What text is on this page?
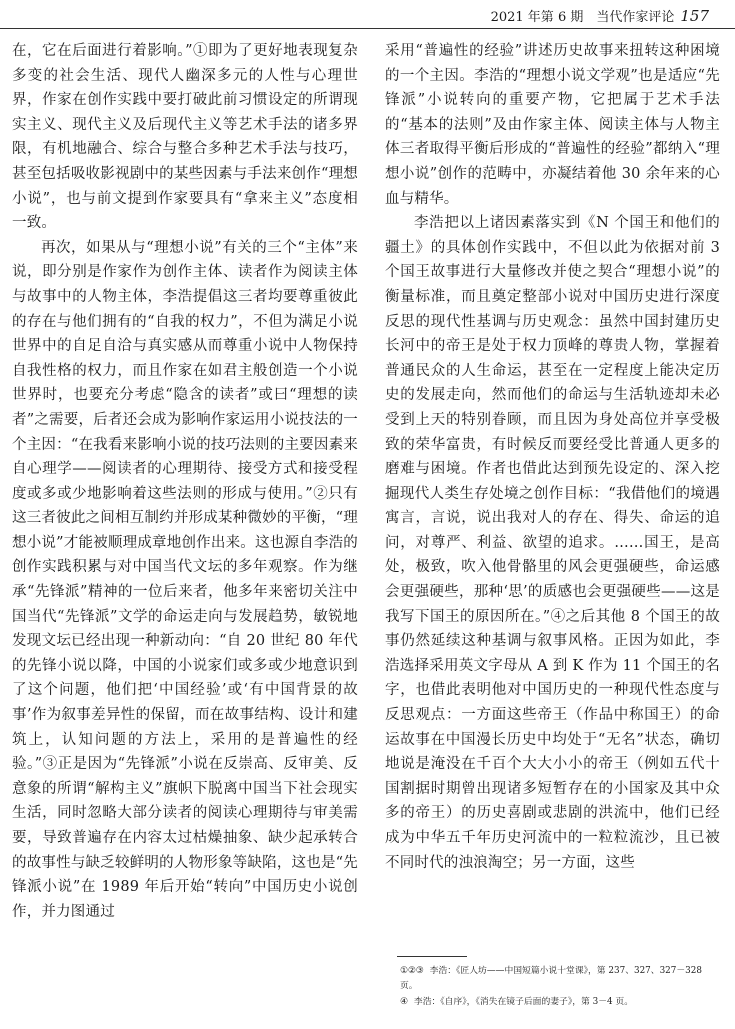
2021 年第 6 期　当代作家评论 157

在，它在后面进行着影响。”①即为了更好地表现复杂多变的社会生活、现代人幽深多元的人性与心理世界，作家在创作实践中要打破此前习惯设定的所谓现实主义、现代主义及后现代主义等艺术手法的诸多界限，有机地融合、综合与整合多种艺术手法与技巧，甚至包括吸收影视剧中的某些因素与手法来创作“理想小说”，也与前文提到作家要具有“拿来主义”态度相一致。

再次，如果从与“理想小说”有关的三个“主体”来说，即分别是作家作为创作主体、读者作为阅读主体与故事中的人物主体，李浩提倡这三者均要尊重彼此的存在与他们拥有的“自我的权力”，不但为满足小说世界中的自足自洽与真实感从而尊重小说中人物保持自我性格的权力，而且作家在如君主般创造一个小说世界时，也要充分考虑“隐含的读者”或曰“理想的读者”之需要，后者还会成为影响作家运用小说技法的一个主因：“在我看来影响小说的技巧法则的主要因素来自心理学——阅读者的心理期待、接受方式和接受程度或多或少地影响着这些法则的形成与使用。”②只有这三者彼此之间相互制约并形成某种微妙的平衡，“理想小说”才能被顺理成章地创作出来。这也源自李浩的创作实践积累与对中国当代文坛的多年观察。作为继承“先锋派”精神的一位后来者，他多年来密切关注中国当代“先锋派”文学的命运走向与发展趋势，敏锐地发现文坛已经出现一种新动向：“自 20 世纪 80 年代的先锋小说以降，中国的小说家们或多或少地意识到了这个问题，他们把‘中国经验’或‘有中国背景的故事’作为叙事差异性的保留，而在故事结构、设计和建筑上，认知问题的方法上，采用的是普遍性的经验。”③正是因为“先锋派”小说在反崇高、反审美、反意象的所谓“解构主义”旗帜下脱离中国当下社会现实生活，同时忽略大部分读者的阅读心理期待与审美需要，导致普遍存在内容太过枯燥抽象、缺少起承转合的故事性与缺乏较鲜明的人物形象等缺陷，这也是“先锋派小说”在 1989 年后开始“转向”中国历史小说创作，并力图通过

采用“普遍性的经验”讲述历史故事来扭转这种困境的一个主因。李浩的“理想小说文学观”也是适应“先锋派”小说转向的重要产物，它把属于艺术手法的“基本的法则”及由作家主体、阅读主体与人物主体三者取得平衡后形成的“普遍性的经验”都纳入“理想小说”创作的范畴中，亦凝结着他 30 余年来的心血与精华。

李浩把以上诸因素落实到《N 个国王和他们的疆土》的具体创作实践中，不但以此为依据对前 3 个国王故事进行大量修改并使之契合“理想小说”的衡量标准，而且奠定整部小说对中国历史进行深度反思的现代性基调与历史观念：虽然中国封建历史长河中的帝王是处于权力顶峰的尊贵人物，掌握着普通民众的人生命运，甚至在一定程度上能决定历史的发展走向，然而他们的命运与生活轨迹却未必受到上天的特别眷顾，而且因为身处高位并享受极致的荣华富贵，有时候反而要经受比普通人更多的磨难与困境。作者也借此达到预先设定的、深入挖掘现代人类生存处境之创作目标：“我借他们的境遇寓言，言说，说出我对人的存在、得失、命运的追问，对尊严、利益、欲望的追求。……国王，是高处，极致，吹入他骨骼里的风会更强硬些，命运感会更强硬些，那种‘思’的质感也会更强硬些——这是我写下国王的原因所在。”④之后其他 8 个国王的故事仍然延续这种基调与叙事风格。正因为如此，李浩选择采用英文字母从 A 到 K 作为 11 个国王的名字，也借此表明他对中国历史的一种现代性态度与反思观点：一方面这些帝王（作品中称国王）的命运故事在中国漫长历史中均处于“无名”状态，确切地说是淹没在千百个大大小小的帝王（例如五代十国割据时期曾出现诸多短暂存在的小国家及其中众多的帝王）的历史喜剧或悲剧的洪流中，他们已经成为中华五千年历史河流中的一粒粒流沙，且已被不同时代的浊浪淘空；另一方面，这些

①②③ 李浩：《匠人坊——中国短篇小说十堂课》，第 237、327、327－328 页。

④ 李浩：《自序》，《消失在镜子后面的妻子》，第 3－4 页。
